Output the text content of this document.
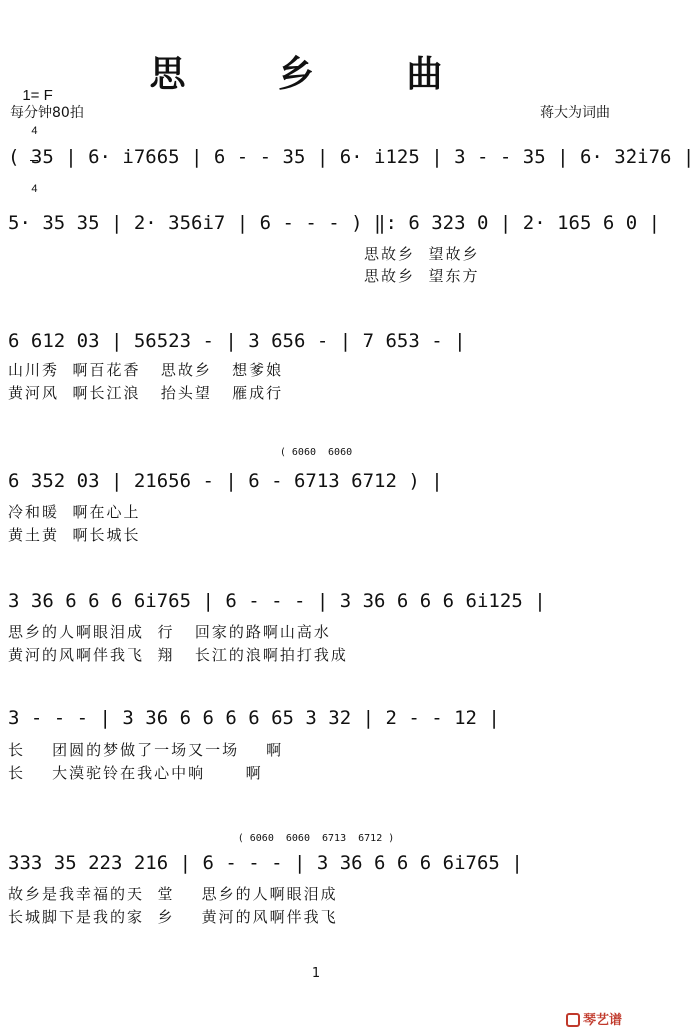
思 乡 曲

1= F

$\frac{4}{4}$

每分钟80拍	蒋大为词曲
( 35 | 6· i7665 | 6 - - 35 | 6· i125 | 3 - - 35 | 6· 3̇2̇i76 |
5· 35 35 | 2· 356i7 | 6 - - - ) ‖: 6 323 0 | 2· 165 6 0 |
思故乡  望故乡
思故乡  望东方
6 612 03 | 56523 - | 3 656 - | 7 653 - |
山川秀  啊百花香   思故乡   想爹娘
黄河风  啊长江浪   抬头望   雁成行
( 6060  6060
6 352 03 | 21656 - | 6 - 6713 6712 ) |
冷和暖  啊在心上
黄土黄  啊长城长
3 36 6 6 6 6i765 | 6 - - - | 3 36 6 6 6 6i125 |
思乡的人啊眼泪成  行   回家的路啊山高水
黄河的风啊伴我飞  翔   长江的浪啊拍打我成
3 - - - | 3 36 6 6 6 6 65 3 32 | 2 - - 12 |
长    团圆的梦做了一场又一场    啊
长    大漠驼铃在我心中响      啊
( 6060  6060  6713  6712 )
333 35 223 216 | 6 - - - | 3 36 6 6 6 6i765 |
故乡是我幸福的天  堂    思乡的人啊眼泪成
长城脚下是我的家  乡    黄河的风啊伴我飞
1

琴艺谱
